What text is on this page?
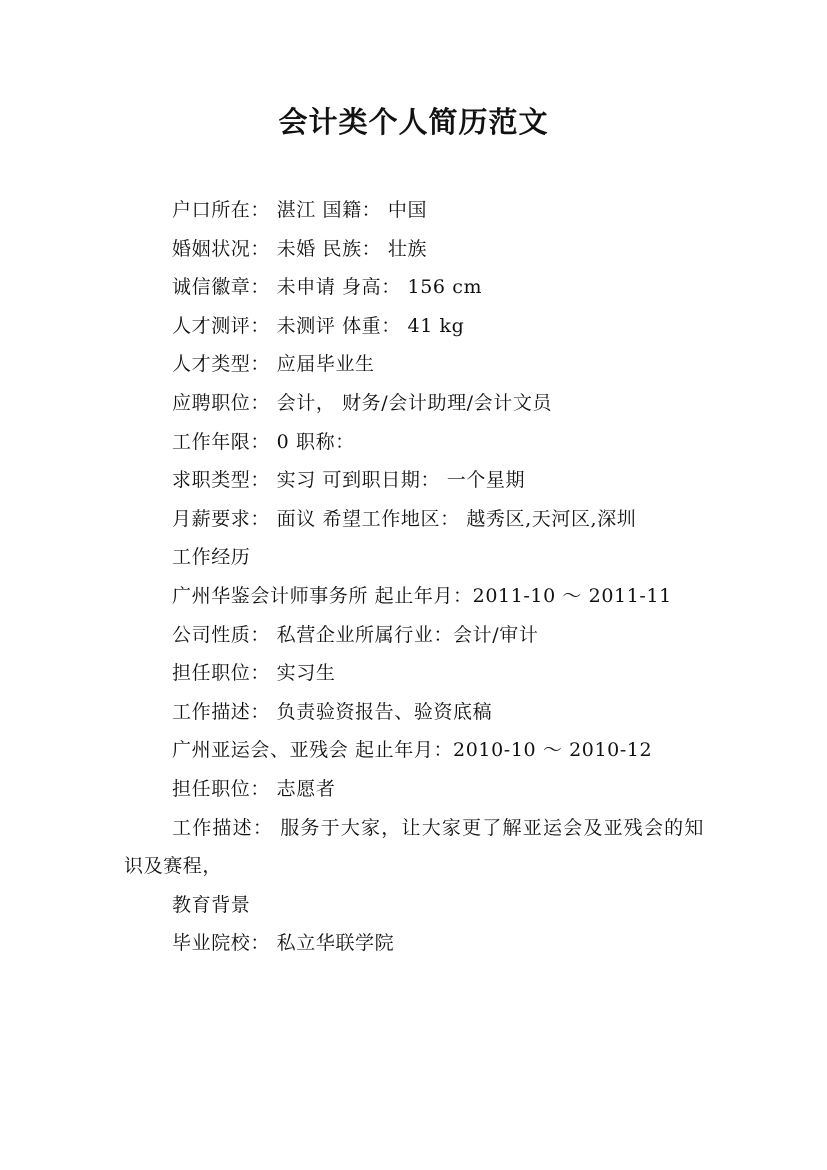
会计类个人简历范文

户口所在： 湛江 国籍： 中国

婚姻状况： 未婚 民族： 壮族

诚信徽章： 未申请 身高： 156 cm

人才测评： 未测评 体重： 41 kg

人才类型： 应届毕业生

应聘职位： 会计， 财务/会计助理/会计文员

工作年限： 0 职称：

求职类型： 实习 可到职日期： 一个星期

月薪要求： 面议 希望工作地区： 越秀区,天河区,深圳

工作经历

广州华鉴会计师事务所 起止年月：2011-10 ～ 2011-11

公司性质： 私营企业所属行业：会计/审计

担任职位： 实习生

工作描述： 负责验资报告、验资底稿

广州亚运会、亚残会 起止年月：2010-10 ～ 2010-12

担任职位： 志愿者

工作描述： 服务于大家，让大家更了解亚运会及亚残会的知识及赛程，

教育背景

毕业院校： 私立华联学院
